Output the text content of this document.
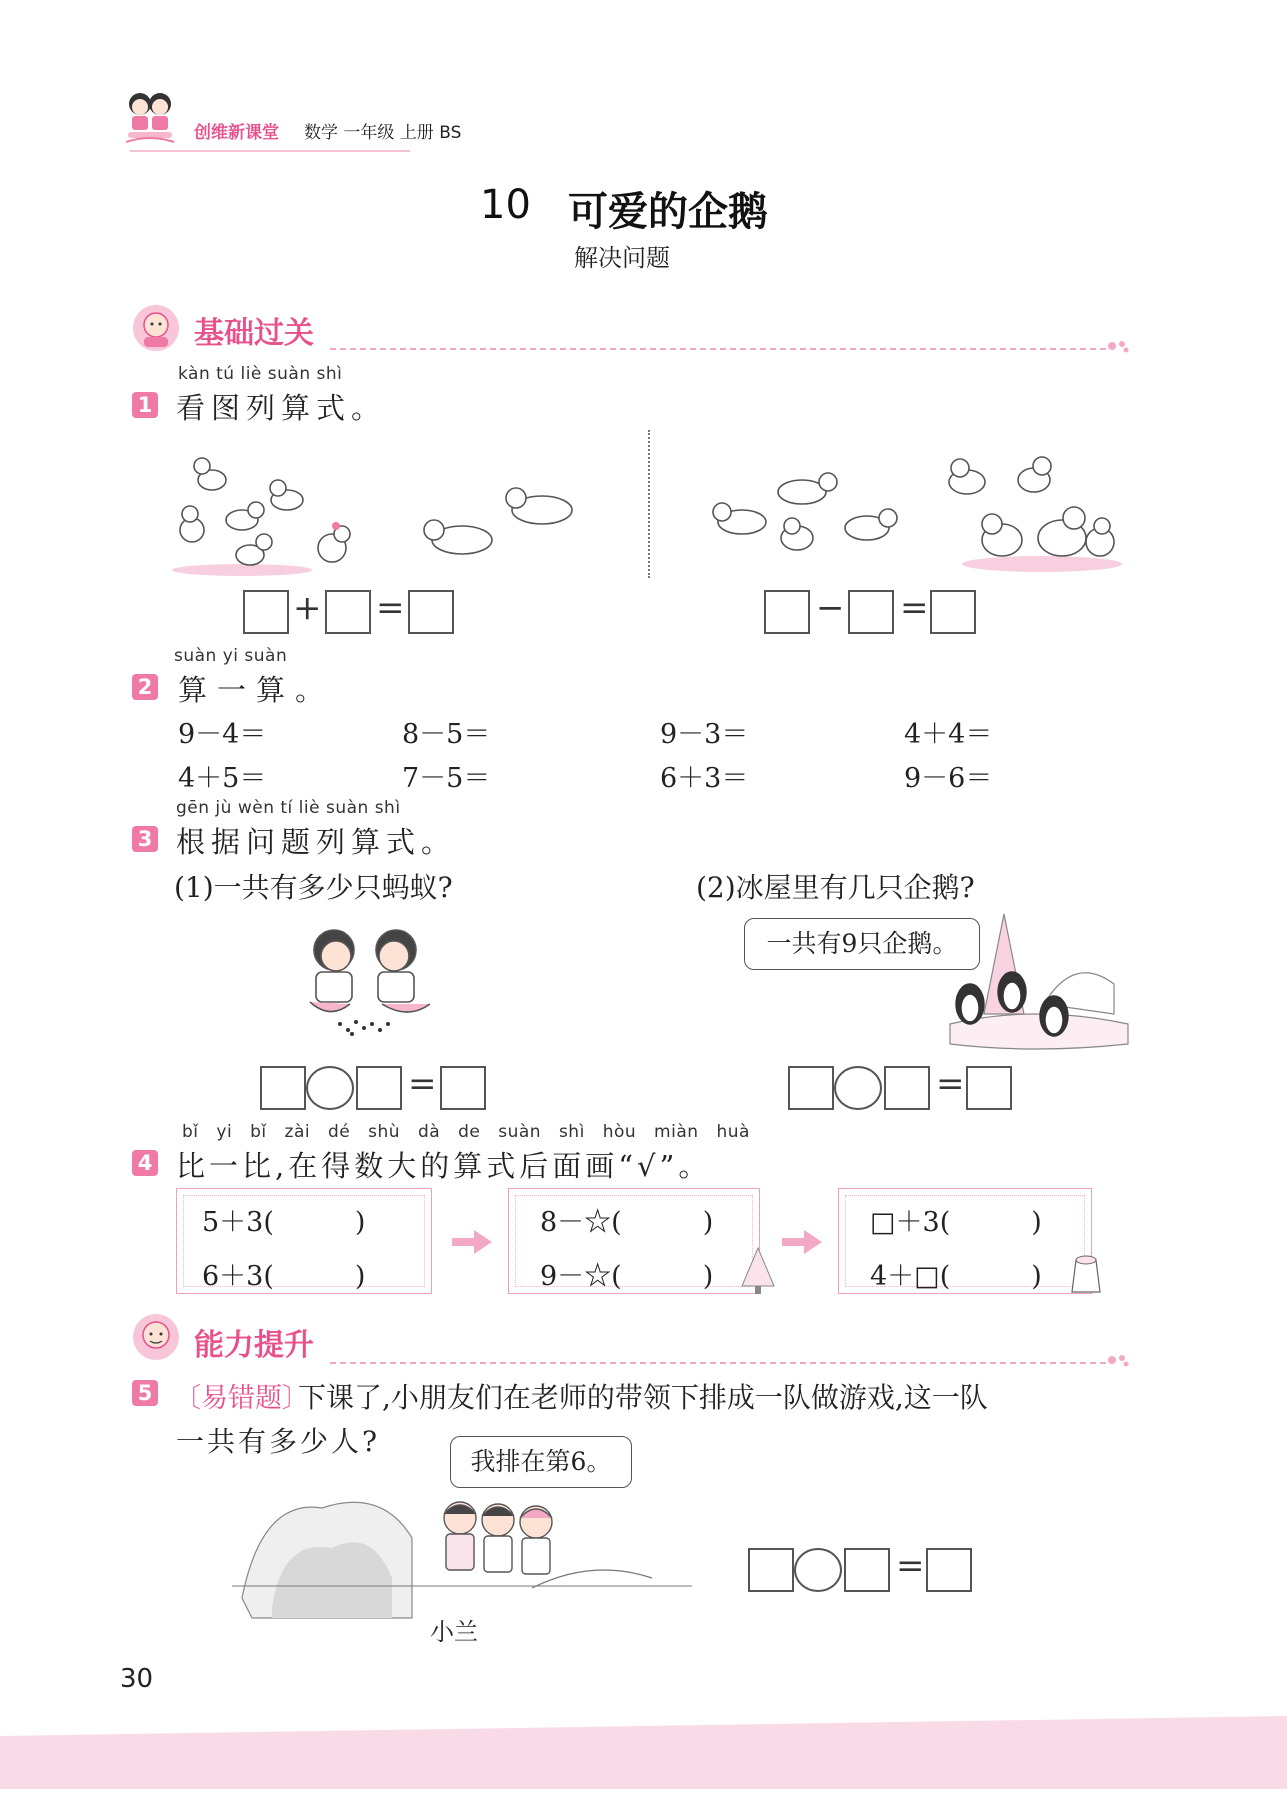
创维新课堂 数学 一年级 上册 BS
10 可爱的企鹅
解决问题
基础过关
kàn tú liè suàn shì
1 看图列算式。
+ =	− =
suàn yi suàn
2 算一算。
9－4＝	8－5＝	9－3＝	4＋4＝
4＋5＝	7－5＝	6＋3＝	9－6＝
gēn jù wèn tí liè suàn shì
3 根据问题列算式。
(1)一共有多少只蚂蚁?	(2)冰屋里有几只企鹅?
一共有9只企鹅。
=	=
bǐ yi bǐ zài dé shù dà de suàn shì hòu miàn huà
4 比一比,在得数大的算式后面画“√”。
5＋3(　　　)
6＋3(　　　)
8－☆(　　　)
9－☆(　　　)
□＋3(　　　)
4＋□(　　　)
能力提升
5 〔易错题〕
下课了,小朋友们在老师的带领下排成一队做游戏,这一队
一共有多少人?
我排在第6。
小兰
=
30
